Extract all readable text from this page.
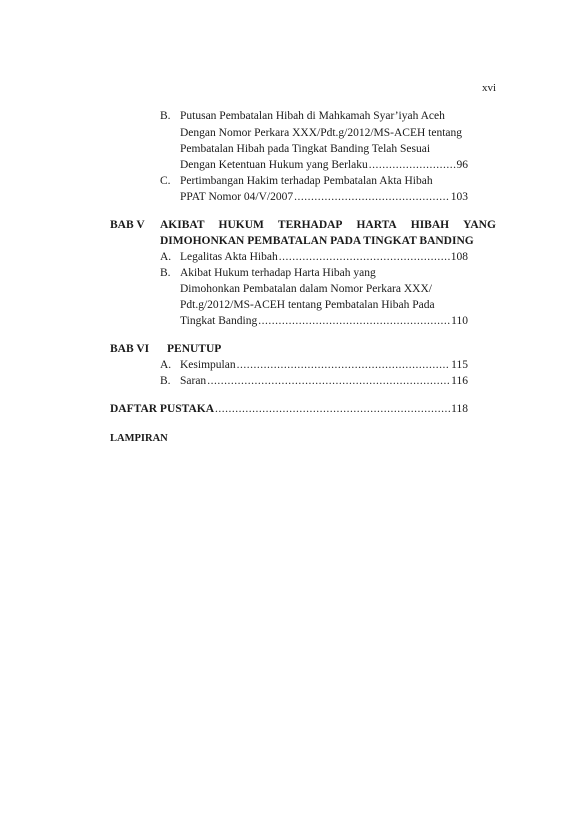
xvi
B. Putusan Pembatalan Hibah di Mahkamah Syar’iyah Aceh
Dengan Nomor Perkara XXX/Pdt.g/2012/MS-ACEH tentang
Pembatalan Hibah pada Tingkat Banding Telah Sesuai
Dengan Ketentuan Hukum yang Berlaku .....	96
C. Pertimbangan Hakim terhadap Pembatalan Akta Hibah
PPAT Nomor 04/V/2007 .....	103
BAB V AKIBAT HUKUM TERHADAP HARTA HIBAH YANG
DIMOHONKAN PEMBATALAN PADA TINGKAT BANDING
A. Legalitas Akta Hibah .....	108
B. Akibat Hukum terhadap Harta Hibah yang
Dimohonkan Pembatalan dalam Nomor Perkara XXX/
Pdt.g/2012/MS-ACEH tentang Pembatalan Hibah Pada
Tingkat Banding .....	110
BAB VI PENUTUP
A. Kesimpulan .....	115
B. Saran .....	116
DAFTAR PUSTAKA .....	118
LAMPIRAN
